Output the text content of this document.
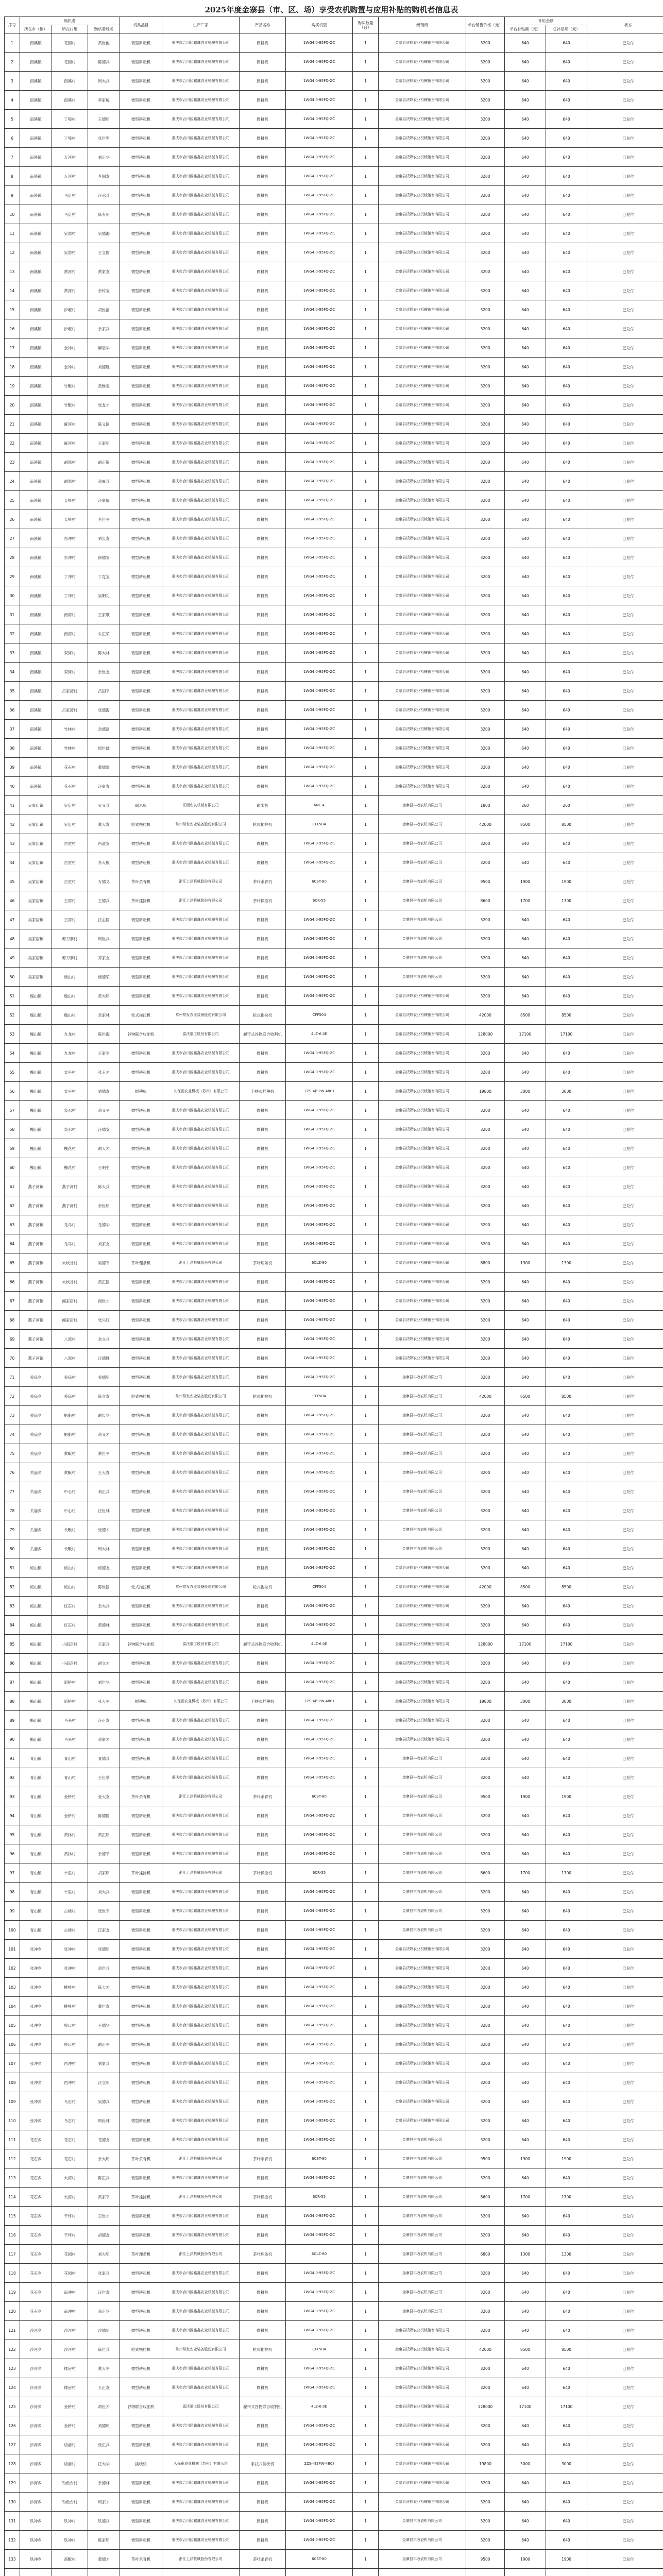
2025年度金寨县（市、区、场）享受农机购置与应用补贴的购机者信息表
序号	购机者			机具品目	生产厂家	产品名称	购买机型	购买数量（台）	经销商	单台销售价格（元）	补贴金额		状态
	所在乡（镇）	所在村组	购机者姓名								单台补贴额（元）	总补贴额（元）	
1	南溪镇	花园村	黄世俊	微型耕耘机	重庆市合川区鑫鑫农业机械有限公司	微耕机	1WG4.0-95FQ-ZC	1	金寨县沃野农业机械销售有限公司	3200	640	640	已兑付
2	南溪镇	花园村	陈德兵	微型耕耘机	重庆市合川区鑫鑫农业机械有限公司	微耕机	1WG4.0-95FQ-ZC	1	金寨县沃野农业机械销售有限公司	3200	640	640	已兑付
3	南溪镇	南溪村	周大兵	微型耕耘机	重庆市合川区鑫鑫农业机械有限公司	微耕机	1WG4.0-95FQ-ZC	1	金寨县沃野农业机械销售有限公司	3200	640	640	已兑付
4	南溪镇	南溪村	李家梅	微型耕耘机	重庆市合川区鑫鑫农业机械有限公司	微耕机	1WG4.0-95FQ-ZC	1	金寨县沃野农业机械销售有限公司	3200	640	640	已兑付
5	南溪镇	丁埠村	王德明	微型耕耘机	重庆市合川区鑫鑫农业机械有限公司	微耕机	1WG4.0-95FQ-ZC	1	金寨县沃野农业机械销售有限公司	3200	640	640	已兑付
6	南溪镇	丁埠村	张世军	微型耕耘机	重庆市合川区鑫鑫农业机械有限公司	微耕机	1WG4.0-95FQ-ZC	1	金寨县沃野农业机械销售有限公司	3200	640	640	已兑付
7	南溪镇	万河村	刘正华	微型耕耘机	重庆市合川区鑫鑫农业机械有限公司	微耕机	1WG4.0-95FQ-ZC	1	金寨县沃野农业机械销售有限公司	3200	640	640	已兑付
8	南溪镇	万河村	李国友	微型耕耘机	重庆市合川区鑫鑫农业机械有限公司	微耕机	1WG4.0-95FQ-ZC	1	金寨县沃野农业机械销售有限公司	3200	640	640	已兑付
9	南溪镇	马店村	汪承兵	微型耕耘机	重庆市合川区鑫鑫农业机械有限公司	微耕机	1WG4.0-95FQ-ZC	1	金寨县沃野农业机械销售有限公司	3200	640	640	已兑付
10	南溪镇	马店村	陈有明	微型耕耘机	重庆市合川区鑫鑫农业机械有限公司	微耕机	1WG4.0-95FQ-ZC	1	金寨县沃野农业机械销售有限公司	3200	640	640	已兑付
11	南溪镇	吴湾村	吴德海	微型耕耘机	重庆市合川区鑫鑫农业机械有限公司	微耕机	1WG4.0-95FQ-ZC	1	金寨县沃野农业机械销售有限公司	3200	640	640	已兑付
12	南溪镇	吴湾村	王立国	微型耕耘机	重庆市合川区鑫鑫农业机械有限公司	微耕机	1WG4.0-95FQ-ZC	1	金寨县沃野农业机械销售有限公司	3200	640	640	已兑付
13	南溪镇	黄河村	黄家友	微型耕耘机	重庆市合川区鑫鑫农业机械有限公司	微耕机	1WG4.0-95FQ-ZC	1	金寨县沃野农业机械销售有限公司	3200	640	640	已兑付
14	南溪镇	黄河村	余传宝	微型耕耘机	重庆市合川区鑫鑫农业机械有限公司	微耕机	1WG4.0-95FQ-ZC	1	金寨县沃野农业机械销售有限公司	3200	640	640	已兑付
15	南溪镇	沙堰村	胡世清	微型耕耘机	重庆市合川区鑫鑫农业机械有限公司	微耕机	1WG4.0-95FQ-ZC	1	金寨县沃野农业机械销售有限公司	3200	640	640	已兑付
16	南溪镇	沙堰村	余家兵	微型耕耘机	重庆市合川区鑫鑫农业机械有限公司	微耕机	1WG4.0-95FQ-ZC	1	金寨县沃野农业机械销售有限公司	3200	640	640	已兑付
17	南溪镇	金冲村	廖启华	微型耕耘机	重庆市合川区鑫鑫农业机械有限公司	微耕机	1WG4.0-95FQ-ZC	1	金寨县沃野农业机械销售有限公司	3200	640	640	已兑付
18	南溪镇	金冲村	刘德胜	微型耕耘机	重庆市合川区鑫鑫农业机械有限公司	微耕机	1WG4.0-95FQ-ZC	1	金寨县沃野农业机械销售有限公司	3200	640	640	已兑付
19	南溪镇	竹畈村	黄维宝	微型耕耘机	重庆市合川区鑫鑫农业机械有限公司	微耕机	1WG4.0-95FQ-ZC	1	金寨县沃野农业机械销售有限公司	3200	640	640	已兑付
20	南溪镇	竹畈村	张友才	微型耕耘机	重庆市合川区鑫鑫农业机械有限公司	微耕机	1WG4.0-95FQ-ZC	1	金寨县沃野农业机械销售有限公司	3200	640	640	已兑付
21	南溪镇	麻河村	陈义国	微型耕耘机	重庆市合川区鑫鑫农业机械有限公司	微耕机	1WG4.0-95FQ-ZC	1	金寨县沃野农业机械销售有限公司	3200	640	640	已兑付
22	南溪镇	麻河村	王家明	微型耕耘机	重庆市合川区鑫鑫农业机械有限公司	微耕机	1WG4.0-95FQ-ZC	1	金寨县沃野农业机械销售有限公司	3200	640	640	已兑付
23	南溪镇	胡湾村	胡正银	微型耕耘机	重庆市合川区鑫鑫农业机械有限公司	微耕机	1WG4.0-95FQ-ZC	1	金寨县沃野农业机械销售有限公司	3200	640	640	已兑付
24	南溪镇	胡湾村	余厚兵	微型耕耘机	重庆市合川区鑫鑫农业机械有限公司	微耕机	1WG4.0-95FQ-ZC	1	金寨县沃野农业机械销售有限公司	3200	640	640	已兑付
25	南溪镇	长岭村	汪家福	微型耕耘机	重庆市合川区鑫鑫农业机械有限公司	微耕机	1WG4.0-95FQ-ZC	1	金寨县沃野农业机械销售有限公司	3200	640	640	已兑付
26	南溪镇	长岭村	李世平	微型耕耘机	重庆市合川区鑫鑫农业机械有限公司	微耕机	1WG4.0-95FQ-ZC	1	金寨县沃野农业机械销售有限公司	3200	640	640	已兑付
27	南溪镇	东冲村	刘长友	微型耕耘机	重庆市合川区鑫鑫农业机械有限公司	微耕机	1WG4.0-95FQ-ZC	1	金寨县沃野农业机械销售有限公司	3200	640	640	已兑付
28	南溪镇	东冲村	徐德安	微型耕耘机	重庆市合川区鑫鑫农业机械有限公司	微耕机	1WG4.0-95FQ-ZC	1	金寨县沃野农业机械销售有限公司	3200	640	640	已兑付
29	南溪镇	丁冲村	丁克宝	微型耕耘机	重庆市合川区鑫鑫农业机械有限公司	微耕机	1WG4.0-95FQ-ZC	1	金寨县沃野农业机械销售有限公司	3200	640	640	已兑付
30	南溪镇	丁冲村	吴明礼	微型耕耘机	重庆市合川区鑫鑫农业机械有限公司	微耕机	1WG4.0-95FQ-ZC	1	金寨县沃野农业机械销售有限公司	3200	640	640	已兑付
31	南溪镇	南湾村	王家顺	微型耕耘机	重庆市合川区鑫鑫农业机械有限公司	微耕机	1WG4.0-95FQ-ZC	1	金寨县沃野农业机械销售有限公司	3200	640	640	已兑付
32	南溪镇	南湾村	朱正荣	微型耕耘机	重庆市合川区鑫鑫农业机械有限公司	微耕机	1WG4.0-95FQ-ZC	1	金寨县沃野农业机械销售有限公司	3200	640	640	已兑付
33	南溪镇	双河村	陈大林	微型耕耘机	重庆市合川区鑫鑫农业机械有限公司	微耕机	1WG4.0-95FQ-ZC	1	金寨县沃野农业机械销售有限公司	3200	640	640	已兑付
34	南溪镇	双河村	余世友	微型耕耘机	重庆市合川区鑫鑫农业机械有限公司	微耕机	1WG4.0-95FQ-ZC	1	金寨县沃野农业机械销售有限公司	3200	640	640	已兑付
35	南溪镇	吕家湾村	吕国平	微型耕耘机	重庆市合川区鑫鑫农业机械有限公司	微耕机	1WG4.0-95FQ-ZC	1	金寨县沃野农业机械销售有限公司	3200	640	640	已兑付
36	南溪镇	吕家湾村	张德海	微型耕耘机	重庆市合川区鑫鑫农业机械有限公司	微耕机	1WG4.0-95FQ-ZC	1	金寨县沃野农业机械销售有限公司	3200	640	640	已兑付
37	南溪镇	竹林村	余德富	微型耕耘机	重庆市合川区鑫鑫农业机械有限公司	微耕机	1WG4.0-95FQ-ZC	1	金寨县沃野农业机械销售有限公司	3200	640	640	已兑付
38	南溪镇	竹林村	周世雄	微型耕耘机	重庆市合川区鑫鑫农业机械有限公司	微耕机	1WG4.0-95FQ-ZC	1	金寨县沃野农业机械销售有限公司	3200	640	640	已兑付
39	南溪镇	花石村	黄德贵	微型耕耘机	重庆市合川区鑫鑫农业机械有限公司	微耕机	1WG4.0-95FQ-ZC	1	金寨县沃野农业机械销售有限公司	3200	640	640	已兑付
40	南溪镇	花石村	汪家春	微型耕耘机	重庆市合川区鑫鑫农业机械有限公司	微耕机	1WG4.0-95FQ-ZC	1	金寨县沃野农业机械销售有限公司	3200	640	640	已兑付
41	吴家店镇	吴店村	吴义兵	碾米机	江西农友机械有限公司	碾米机	6NF-4	1	金寨县丰收农机有限公司	1800	260	260	已兑付
42	吴家店镇	吴店村	黄大友	轮式拖拉机	常州常发农业装备股份有限公司	轮式拖拉机	CFF504	1	金寨县丰收农机有限公司	42000	8500	8500	已兑付
43	吴家店镇	古堂村	冯道安	微型耕耘机	重庆市合川区鑫鑫农业机械有限公司	微耕机	1WG4.0-95FQ-ZC	1	金寨县丰收农机有限公司	3200	640	640	已兑付
44	吴家店镇	古堂村	李大根	微型耕耘机	重庆市合川区鑫鑫农业机械有限公司	微耕机	1WG4.0-95FQ-ZC	1	金寨县丰收农机有限公司	3200	640	640	已兑付
45	吴家店镇	古堂村	万德义	茶叶杀青机	浙江上洋机械股份有限公司	茶叶杀青机	6CST-80	1	金寨县丰收农机有限公司	9500	1900	1900	已兑付
46	吴家店镇	王湾村	王德兵	茶叶揉捻机	浙江上洋机械股份有限公司	茶叶揉捻机	6CR-55	1	金寨县丰收农机有限公司	8600	1700	1700	已兑付
47	吴家店镇	王湾村	汪心国	微型耕耘机	重庆市合川区鑫鑫农业机械有限公司	微耕机	1WG4.0-95FQ-ZC	1	金寨县丰收农机有限公司	3200	640	640	已兑付
48	吴家店镇	剪刀寨村	周世兵	微型耕耘机	重庆市合川区鑫鑫农业机械有限公司	微耕机	1WG4.0-95FQ-ZC	1	金寨县丰收农机有限公司	3200	640	640	已兑付
49	吴家店镇	剪刀寨村	郑家友	微型耕耘机	重庆市合川区鑫鑫农业机械有限公司	微耕机	1WG4.0-95FQ-ZC	1	金寨县丰收农机有限公司	3200	640	640	已兑付
50	吴家店镇	杨山村	杨德荣	微型耕耘机	重庆市合川区鑫鑫农业机械有限公司	微耕机	1WG4.0-95FQ-ZC	1	金寨县丰收农机有限公司	3200	640	640	已兑付
51	槐山镇	槐山村	黄大明	微型耕耘机	重庆市合川区鑫鑫农业机械有限公司	微耕机	1WG4.0-95FQ-ZC	1	金寨县沃野农业机械销售有限公司	3200	640	640	已兑付
52	槐山镇	槐山村	余家林	轮式拖拉机	常州常发农业装备股份有限公司	轮式拖拉机	CFF504	1	金寨县沃野农业机械销售有限公司	42000	8500	8500	已兑付
53	槐山镇	九龙村	陈世海	谷物联合收割机	雷沃重工股份有限公司	履带式谷物联合收割机	4LZ-6.0E	1	金寨县沃野农业机械销售有限公司	128000	17100	17100	已兑付
54	槐山镇	九龙村	王家平	微型耕耘机	重庆市合川区鑫鑫农业机械有限公司	微耕机	1WG4.0-95FQ-ZC	1	金寨县沃野农业机械销售有限公司	3200	640	640	已兑付
55	槐山镇	太平村	张玉才	微型耕耘机	重庆市合川区鑫鑫农业机械有限公司	微耕机	1WG4.0-95FQ-ZC	1	金寨县沃野农业机械销售有限公司	3200	640	640	已兑付
56	槐山镇	太平村	刘德友	插秧机	久保田农业机械（苏州）有限公司	手扶式插秧机	2ZS-4(SPW-48C)	1	金寨县沃野农业机械销售有限公司	19800	3000	3000	已兑付
57	槐山镇	泉水村	余义平	微型耕耘机	重庆市合川区鑫鑫农业机械有限公司	微耕机	1WG4.0-95FQ-ZC	1	金寨县沃野农业机械销售有限公司	3200	640	640	已兑付
58	槐山镇	泉水村	汪德安	微型耕耘机	重庆市合川区鑫鑫农业机械有限公司	微耕机	1WG4.0-95FQ-ZC	1	金寨县沃野农业机械销售有限公司	3200	640	640	已兑付
59	槐山镇	槐花村	胡大才	微型耕耘机	重庆市合川区鑫鑫农业机械有限公司	微耕机	1WG4.0-95FQ-ZC	1	金寨县沃野农业机械销售有限公司	3200	640	640	已兑付
60	槐山镇	槐花村	王明生	微型耕耘机	重庆市合川区鑫鑫农业机械有限公司	微耕机	1WG4.0-95FQ-ZC	1	金寨县沃野农业机械销售有限公司	3200	640	640	已兑付
61	燕子河镇	燕子河村	陈大兵	微型耕耘机	重庆市合川区鑫鑫农业机械有限公司	微耕机	1WG4.0-95FQ-ZC	1	金寨县沃野农业机械销售有限公司	3200	640	640	已兑付
62	燕子河镇	燕子河村	余世明	微型耕耘机	重庆市合川区鑫鑫农业机械有限公司	微耕机	1WG4.0-95FQ-ZC	1	金寨县沃野农业机械销售有限公司	3200	640	640	已兑付
63	燕子河镇	龙马村	龙德华	微型耕耘机	重庆市合川区鑫鑫农业机械有限公司	微耕机	1WG4.0-95FQ-ZC	1	金寨县沃野农业机械销售有限公司	3200	640	640	已兑付
64	燕子河镇	龙马村	刘家友	微型耕耘机	重庆市合川区鑫鑫农业机械有限公司	微耕机	1WG4.0-95FQ-ZC	1	金寨县沃野农业机械销售有限公司	3200	640	640	已兑付
65	燕子河镇	大峡谷村	吴德平	茶叶理条机	浙江上洋机械股份有限公司	茶叶理条机	6CLZ-80	1	金寨县沃野农业机械销售有限公司	6800	1300	1300	已兑付
66	燕子河镇	大峡谷村	黄正国	微型耕耘机	重庆市合川区鑫鑫农业机械有限公司	微耕机	1WG4.0-95FQ-ZC	1	金寨县沃野农业机械销售有限公司	3200	640	640	已兑付
67	燕子河镇	闻家店村	闻世才	微型耕耘机	重庆市合川区鑫鑫农业机械有限公司	微耕机	1WG4.0-95FQ-ZC	1	金寨县沃野农业机械销售有限公司	3200	640	640	已兑付
68	燕子河镇	闻家店村	张兴旺	微型耕耘机	重庆市合川区鑫鑫农业机械有限公司	微耕机	1WG4.0-95FQ-ZC	1	金寨县沃野农业机械销售有限公司	3200	640	640	已兑付
69	燕子河镇	八湾村	余立兵	微型耕耘机	重庆市合川区鑫鑫农业机械有限公司	微耕机	1WG4.0-95FQ-ZC	1	金寨县沃野农业机械销售有限公司	3200	640	640	已兑付
70	燕子河镇	八湾村	汪德胜	微型耕耘机	重庆市合川区鑫鑫农业机械有限公司	微耕机	1WG4.0-95FQ-ZC	1	金寨县沃野农业机械销售有限公司	3200	640	640	已兑付
71	关庙乡	关庙村	关德明	微型耕耘机	重庆市合川区鑫鑫农业机械有限公司	微耕机	1WG4.0-95FQ-ZC	1	金寨县丰收农机有限公司	3200	640	640	已兑付
72	关庙乡	关庙村	陈立友	轮式拖拉机	常州常发农业装备股份有限公司	轮式拖拉机	CFF504	1	金寨县丰收农机有限公司	42000	8500	8500	已兑付
73	关庙乡	胭脂村	胡长华	微型耕耘机	重庆市合川区鑫鑫农业机械有限公司	微耕机	1WG4.0-95FQ-ZC	1	金寨县丰收农机有限公司	3200	640	640	已兑付
74	关庙乡	胭脂村	余义才	微型耕耘机	重庆市合川区鑫鑫农业机械有限公司	微耕机	1WG4.0-95FQ-ZC	1	金寨县丰收农机有限公司	3200	640	640	已兑付
75	关庙乡	黄畈村	黄世平	微型耕耘机	重庆市合川区鑫鑫农业机械有限公司	微耕机	1WG4.0-95FQ-ZC	1	金寨县丰收农机有限公司	3200	640	640	已兑付
76	关庙乡	黄畈村	王大春	微型耕耘机	重庆市合川区鑫鑫农业机械有限公司	微耕机	1WG4.0-95FQ-ZC	1	金寨县丰收农机有限公司	3200	640	640	已兑付
77	关庙乡	中心村	刘正兵	微型耕耘机	重庆市合川区鑫鑫农业机械有限公司	微耕机	1WG4.0-95FQ-ZC	1	金寨县丰收农机有限公司	3200	640	640	已兑付
78	关庙乡	中心村	汪世林	微型耕耘机	重庆市合川区鑫鑫农业机械有限公司	微耕机	1WG4.0-95FQ-ZC	1	金寨县丰收农机有限公司	3200	640	640	已兑付
79	关庙乡	长畈村	张德才	微型耕耘机	重庆市合川区鑫鑫农业机械有限公司	微耕机	1WG4.0-95FQ-ZC	1	金寨县丰收农机有限公司	3200	640	640	已兑付
80	关庙乡	长畈村	周大林	微型耕耘机	重庆市合川区鑫鑫农业机械有限公司	微耕机	1WG4.0-95FQ-ZC	1	金寨县丰收农机有限公司	3200	640	640	已兑付
81	梅山镇	梅山村	梅德友	微型耕耘机	重庆市合川区鑫鑫农业机械有限公司	微耕机	1WG4.0-95FQ-ZC	1	金寨县沃野农业机械销售有限公司	3200	640	640	已兑付
82	梅山镇	梅山村	陈世国	轮式拖拉机	常州常发农业装备股份有限公司	轮式拖拉机	CFF504	1	金寨县沃野农业机械销售有限公司	42000	8500	8500	已兑付
83	梅山镇	红石村	余大兵	微型耕耘机	重庆市合川区鑫鑫农业机械有限公司	微耕机	1WG4.0-95FQ-ZC	1	金寨县沃野农业机械销售有限公司	3200	640	640	已兑付
84	梅山镇	红石村	黄德林	微型耕耘机	重庆市合川区鑫鑫农业机械有限公司	微耕机	1WG4.0-95FQ-ZC	1	金寨县沃野农业机械销售有限公司	3200	640	640	已兑付
85	梅山镇	小南京村	王家兵	谷物联合收割机	雷沃重工股份有限公司	履带式谷物联合收割机	4LZ-6.0E	1	金寨县沃野农业机械销售有限公司	128000	17100	17100	已兑付
86	梅山镇	小南京村	胡立才	微型耕耘机	重庆市合川区鑫鑫农业机械有限公司	微耕机	1WG4.0-95FQ-ZC	1	金寨县沃野农业机械销售有限公司	3200	640	640	已兑付
87	梅山镇	新桥村	刘世华	微型耕耘机	重庆市合川区鑫鑫农业机械有限公司	微耕机	1WG4.0-95FQ-ZC	1	金寨县沃野农业机械销售有限公司	3200	640	640	已兑付
88	梅山镇	新桥村	张大平	插秧机	久保田农业机械（苏州）有限公司	手扶式插秧机	2ZS-4(SPW-48C)	1	金寨县沃野农业机械销售有限公司	19800	3000	3000	已兑付
89	梅山镇	马头村	汪正友	微型耕耘机	重庆市合川区鑫鑫农业机械有限公司	微耕机	1WG4.0-95FQ-ZC	1	金寨县沃野农业机械销售有限公司	3200	640	640	已兑付
90	梅山镇	马头村	余家才	微型耕耘机	重庆市合川区鑫鑫农业机械有限公司	微耕机	1WG4.0-95FQ-ZC	1	金寨县沃野农业机械销售有限公司	3200	640	640	已兑付
91	青山镇	青山村	青德兵	微型耕耘机	重庆市合川区鑫鑫农业机械有限公司	微耕机	1WG4.0-95FQ-ZC	1	金寨县丰收农机有限公司	3200	640	640	已兑付
92	青山镇	青山村	王世荣	微型耕耘机	重庆市合川区鑫鑫农业机械有限公司	微耕机	1WG4.0-95FQ-ZC	1	金寨县丰收农机有限公司	3200	640	640	已兑付
93	青山镇	金桥村	金大友	茶叶杀青机	浙江上洋机械股份有限公司	茶叶杀青机	6CST-80	1	金寨县丰收农机有限公司	9500	1900	1900	已兑付
94	青山镇	金桥村	陈德国	微型耕耘机	重庆市合川区鑫鑫农业机械有限公司	微耕机	1WG4.0-95FQ-ZC	1	金寨县丰收农机有限公司	3200	640	640	已兑付
95	青山镇	黄林村	黄正明	微型耕耘机	重庆市合川区鑫鑫农业机械有限公司	微耕机	1WG4.0-95FQ-ZC	1	金寨县丰收农机有限公司	3200	640	640	已兑付
96	青山镇	黄林村	余德平	微型耕耘机	重庆市合川区鑫鑫农业机械有限公司	微耕机	1WG4.0-95FQ-ZC	1	金寨县丰收农机有限公司	3200	640	640	已兑付
97	青山镇	十里村	胡家明	茶叶揉捻机	浙江上洋机械股份有限公司	茶叶揉捻机	6CR-55	1	金寨县丰收农机有限公司	8600	1700	1700	已兑付
98	青山镇	十里村	刘大兵	微型耕耘机	重庆市合川区鑫鑫农业机械有限公司	微耕机	1WG4.0-95FQ-ZC	1	金寨县丰收农机有限公司	3200	640	640	已兑付
99	青山镇	古楼村	张世平	微型耕耘机	重庆市合川区鑫鑫农业机械有限公司	微耕机	1WG4.0-95FQ-ZC	1	金寨县丰收农机有限公司	3200	640	640	已兑付
100	青山镇	古楼村	汪家友	微型耕耘机	重庆市合川区鑫鑫农业机械有限公司	微耕机	1WG4.0-95FQ-ZC	1	金寨县丰收农机有限公司	3200	640	640	已兑付
101	张冲乡	张冲村	张德明	微型耕耘机	重庆市合川区鑫鑫农业机械有限公司	微耕机	1WG4.0-95FQ-ZC	1	金寨县沃野农业机械销售有限公司	3200	640	640	已兑付
102	张冲乡	张冲村	余世兵	微型耕耘机	重庆市合川区鑫鑫农业机械有限公司	微耕机	1WG4.0-95FQ-ZC	1	金寨县沃野农业机械销售有限公司	3200	640	640	已兑付
103	张冲乡	桃岭村	陈大才	微型耕耘机	重庆市合川区鑫鑫农业机械有限公司	微耕机	1WG4.0-95FQ-ZC	1	金寨县沃野农业机械销售有限公司	3200	640	640	已兑付
104	张冲乡	桃岭村	黄世友	微型耕耘机	重庆市合川区鑫鑫农业机械有限公司	微耕机	1WG4.0-95FQ-ZC	1	金寨县沃野农业机械销售有限公司	3200	640	640	已兑付
105	张冲乡	岭口村	王德华	微型耕耘机	重庆市合川区鑫鑫农业机械有限公司	微耕机	1WG4.0-95FQ-ZC	1	金寨县沃野农业机械销售有限公司	3200	640	640	已兑付
106	张冲乡	岭口村	胡正平	微型耕耘机	重庆市合川区鑫鑫农业机械有限公司	微耕机	1WG4.0-95FQ-ZC	1	金寨县沃野农业机械销售有限公司	3200	640	640	已兑付
107	张冲乡	西冲村	刘家兵	微型耕耘机	重庆市合川区鑫鑫农业机械有限公司	微耕机	1WG4.0-95FQ-ZC	1	金寨县沃野农业机械销售有限公司	3200	640	640	已兑付
108	张冲乡	西冲村	汪立明	微型耕耘机	重庆市合川区鑫鑫农业机械有限公司	微耕机	1WG4.0-95FQ-ZC	1	金寨县沃野农业机械销售有限公司	3200	640	640	已兑付
109	张冲乡	乌石村	吴德兵	微型耕耘机	重庆市合川区鑫鑫农业机械有限公司	微耕机	1WG4.0-95FQ-ZC	1	金寨县沃野农业机械销售有限公司	3200	640	640	已兑付
110	张冲乡	乌石村	周世林	微型耕耘机	重庆市合川区鑫鑫农业机械有限公司	微耕机	1WG4.0-95FQ-ZC	1	金寨县沃野农业机械销售有限公司	3200	640	640	已兑付
111	花石乡	花石村	花德友	微型耕耘机	重庆市合川区鑫鑫农业机械有限公司	微耕机	1WG4.0-95FQ-ZC	1	金寨县丰收农机有限公司	3200	640	640	已兑付
112	花石乡	花石村	余大明	茶叶杀青机	浙江上洋机械股份有限公司	茶叶杀青机	6CST-80	1	金寨县丰收农机有限公司	9500	1900	1900	已兑付
113	花石乡	大湾村	陈正兵	微型耕耘机	重庆市合川区鑫鑫农业机械有限公司	微耕机	1WG4.0-95FQ-ZC	1	金寨县丰收农机有限公司	3200	640	640	已兑付
114	花石乡	大湾村	黄家平	茶叶揉捻机	浙江上洋机械股份有限公司	茶叶揉捻机	6CR-55	1	金寨县丰收农机有限公司	8600	1700	1700	已兑付
115	花石乡	千坪村	王世才	微型耕耘机	重庆市合川区鑫鑫农业机械有限公司	微耕机	1WG4.0-95FQ-ZC	1	金寨县丰收农机有限公司	3200	640	640	已兑付
116	花石乡	千坪村	胡德友	微型耕耘机	重庆市合川区鑫鑫农业机械有限公司	微耕机	1WG4.0-95FQ-ZC	1	金寨县丰收农机有限公司	3200	640	640	已兑付
117	花石乡	花园村	刘大明	茶叶理条机	浙江上洋机械股份有限公司	茶叶理条机	6CLZ-80	1	金寨县丰收农机有限公司	6800	1300	1300	已兑付
118	花石乡	花园村	张家兵	微型耕耘机	重庆市合川区鑫鑫农业机械有限公司	微耕机	1WG4.0-95FQ-ZC	1	金寨县丰收农机有限公司	3200	640	640	已兑付
119	花石乡	南冲村	汪世友	微型耕耘机	重庆市合川区鑫鑫农业机械有限公司	微耕机	1WG4.0-95FQ-ZC	1	金寨县丰收农机有限公司	3200	640	640	已兑付
120	花石乡	南冲村	余正华	微型耕耘机	重庆市合川区鑫鑫农业机械有限公司	微耕机	1WG4.0-95FQ-ZC	1	金寨县丰收农机有限公司	3200	640	640	已兑付
121	沙河乡	沙河村	沙德明	微型耕耘机	重庆市合川区鑫鑫农业机械有限公司	微耕机	1WG4.0-95FQ-ZC	1	金寨县沃野农业机械销售有限公司	3200	640	640	已兑付
122	沙河乡	沙河村	陈世兵	轮式拖拉机	常州常发农业装备股份有限公司	轮式拖拉机	CFF504	1	金寨县沃野农业机械销售有限公司	42000	8500	8500	已兑付
123	沙河乡	楼房村	黄大平	微型耕耘机	重庆市合川区鑫鑫农业机械有限公司	微耕机	1WG4.0-95FQ-ZC	1	金寨县沃野农业机械销售有限公司	3200	640	640	已兑付
124	沙河乡	楼房村	王正友	微型耕耘机	重庆市合川区鑫鑫农业机械有限公司	微耕机	1WG4.0-95FQ-ZC	1	金寨县沃野农业机械销售有限公司	3200	640	640	已兑付
125	沙河乡	金桥村	胡世才	谷物联合收割机	雷沃重工股份有限公司	履带式谷物联合收割机	4LZ-6.0E	1	金寨县沃野农业机械销售有限公司	128000	17100	17100	已兑付
126	沙河乡	金桥村	刘德明	微型耕耘机	重庆市合川区鑫鑫农业机械有限公司	微耕机	1WG4.0-95FQ-ZC	1	金寨县沃野农业机械销售有限公司	3200	640	640	已兑付
127	沙河乡	店前村	张正兵	微型耕耘机	重庆市合川区鑫鑫农业机械有限公司	微耕机	1WG4.0-95FQ-ZC	1	金寨县沃野农业机械销售有限公司	3200	640	640	已兑付
128	沙河乡	店前村	汪大华	插秧机	久保田农业机械（苏州）有限公司	手扶式插秧机	2ZS-4(SPW-48C)	1	金寨县沃野农业机械销售有限公司	19800	3000	3000	已兑付
129	沙河乡	钓鱼台村	余德林	微型耕耘机	重庆市合川区鑫鑫农业机械有限公司	微耕机	1WG4.0-95FQ-ZC	1	金寨县沃野农业机械销售有限公司	3200	640	640	已兑付
130	沙河乡	钓鱼台村	周家才	微型耕耘机	重庆市合川区鑫鑫农业机械有限公司	微耕机	1WG4.0-95FQ-ZC	1	金寨县沃野农业机械销售有限公司	3200	640	640	已兑付
131	铁冲乡	铁冲村	铁德兵	微型耕耘机	重庆市合川区鑫鑫农业机械有限公司	微耕机	1WG4.0-95FQ-ZC	1	金寨县丰收农机有限公司	3200	640	640	已兑付
132	铁冲乡	铁冲村	陈家明	微型耕耘机	重庆市合川区鑫鑫农业机械有限公司	微耕机	1WG4.0-95FQ-ZC	1	金寨县丰收农机有限公司	3200	640	640	已兑付
133	铁冲乡	高畈村	黄德才	茶叶杀青机	浙江上洋机械股份有限公司	茶叶杀青机	6CST-80	1	金寨县丰收农机有限公司	9500	1900	1900	已兑付
